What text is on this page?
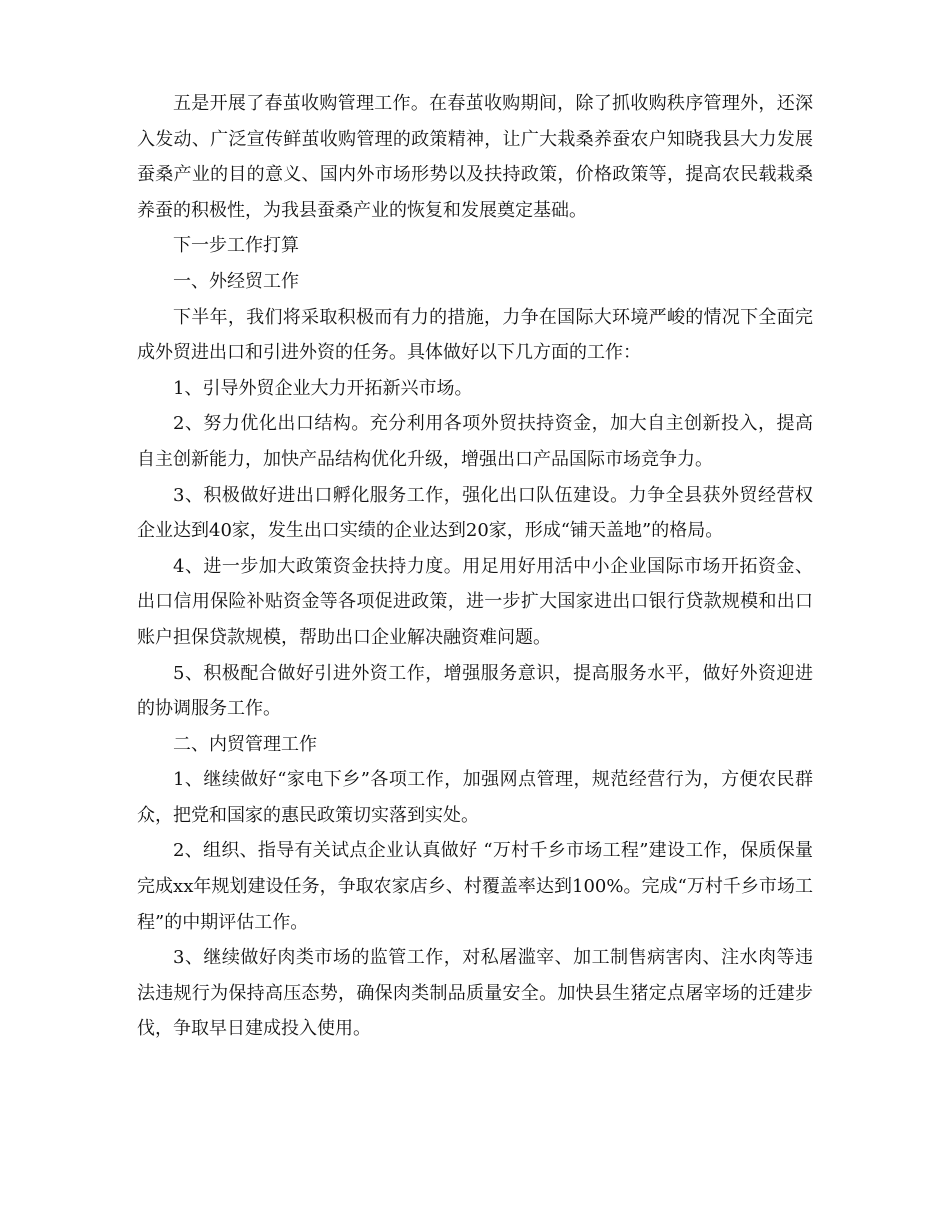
五是开展了春茧收购管理工作。在春茧收购期间，除了抓收购秩序管理外，还深入发动、广泛宣传鲜茧收购管理的政策精神，让广大栽桑养蚕农户知晓我县大力发展蚕桑产业的目的意义、国内外市场形势以及扶持政策，价格政策等，提高农民载栽桑养蚕的积极性，为我县蚕桑产业的恢复和发展奠定基础。

下一步工作打算

一、外经贸工作

下半年，我们将采取积极而有力的措施，力争在国际大环境严峻的情况下全面完成外贸进出口和引进外资的任务。具体做好以下几方面的工作：

1、引导外贸企业大力开拓新兴市场。

2、努力优化出口结构。充分利用各项外贸扶持资金，加大自主创新投入，提高自主创新能力，加快产品结构优化升级，增强出口产品国际市场竞争力。

3、积极做好进出口孵化服务工作，强化出口队伍建设。力争全县获外贸经营权企业达到40家，发生出口实绩的企业达到20家，形成“铺天盖地”的格局。

4、进一步加大政策资金扶持力度。用足用好用活中小企业国际市场开拓资金、出口信用保险补贴资金等各项促进政策，进一步扩大国家进出口银行贷款规模和出口账户担保贷款规模，帮助出口企业解决融资难问题。

5、积极配合做好引进外资工作，增强服务意识，提高服务水平，做好外资迎进的协调服务工作。

二、内贸管理工作

1、继续做好“家电下乡”各项工作，加强网点管理，规范经营行为，方便农民群众，把党和国家的惠民政策切实落到实处。

2、组织、指导有关试点企业认真做好 “万村千乡市场工程”建设工作，保质保量完成xx年规划建设任务，争取农家店乡、村覆盖率达到100%。完成“万村千乡市场工程”的中期评估工作。

3、继续做好肉类市场的监管工作，对私屠滥宰、加工制售病害肉、注水肉等违法违规行为保持高压态势，确保肉类制品质量安全。加快县生猪定点屠宰场的迁建步伐，争取早日建成投入使用。
